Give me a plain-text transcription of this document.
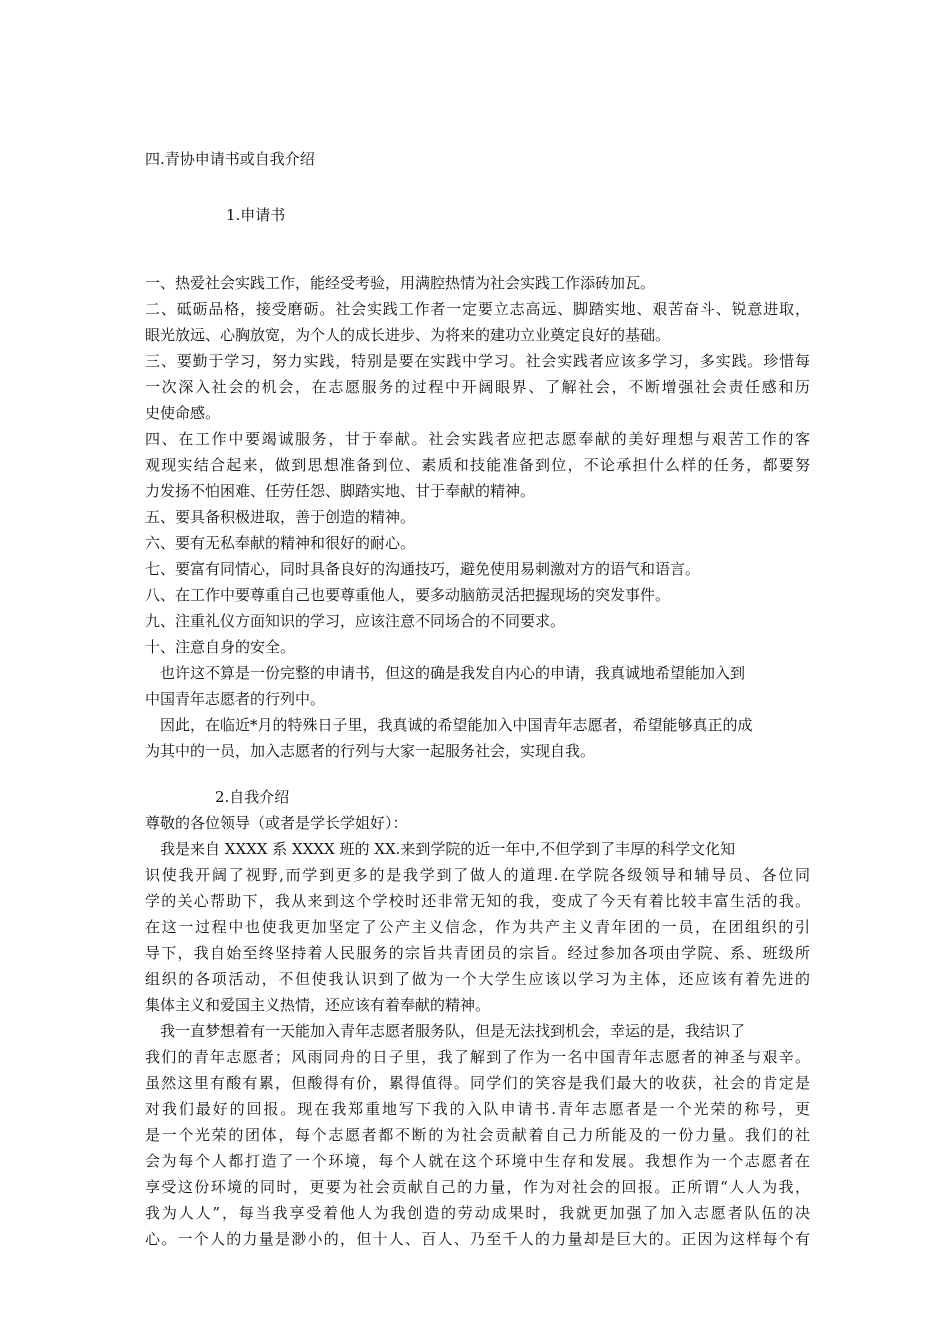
四.青协申请书或自我介绍
1.申请书
一、热爱社会实践工作，能经受考验，用满腔热情为社会实践工作添砖加瓦。
二、砥砺品格，接受磨砺。社会实践工作者一定要立志高远、脚踏实地、艰苦奋斗、锐意进取，
眼光放远、心胸放宽，为个人的成长进步、为将来的建功立业奠定良好的基础。
三、要勤于学习，努力实践，特别是要在实践中学习。社会实践者应该多学习，多实践。珍惜每
一次深入社会的机会，在志愿服务的过程中开阔眼界、了解社会，不断增强社会责任感和历
史使命感。
四、在工作中要竭诚服务，甘于奉献。社会实践者应把志愿奉献的美好理想与艰苦工作的客
观现实结合起来，做到思想准备到位、素质和技能准备到位，不论承担什么样的任务，都要努
力发扬不怕困难、任劳任怨、脚踏实地、甘于奉献的精神。
五、要具备积极进取，善于创造的精神。
六、要有无私奉献的精神和很好的耐心。
七、要富有同情心，同时具备良好的沟通技巧，避免使用易刺激对方的语气和语言。
八、在工作中要尊重自己也要尊重他人，要多动脑筋灵活把握现场的突发事件。
九、注重礼仪方面知识的学习，应该注意不同场合的不同要求。
十、注意自身的安全。
也许这不算是一份完整的申请书，但这的确是我发自内心的申请，我真诚地希望能加入到
中国青年志愿者的行列中。
因此，在临近*月的特殊日子里，我真诚的希望能加入中国青年志愿者，希望能够真正的成
为其中的一员，加入志愿者的行列与大家一起服务社会，实现自我。
2.自我介绍
尊敬的各位领导（或者是学长学姐好）：
我是来自 XXXX 系 XXXX 班的 XX.来到学院的近一年中,不但学到了丰厚的科学文化知
识使我开阔了视野,而学到更多的是我学到了做人的道理.在学院各级领导和辅导员、各位同
学的关心帮助下，我从来到这个学校时还非常无知的我，变成了今天有着比较丰富生活的我。
在这一过程中也使我更加坚定了公产主义信念，作为共产主义青年团的一员，在团组织的引
导下，我自始至终坚持着人民服务的宗旨共青团员的宗旨。经过参加各项由学院、系、班级所
组织的各项活动，不但使我认识到了做为一个大学生应该以学习为主体，还应该有着先进的
集体主义和爱国主义热情，还应该有着奉献的精神。
我一直梦想着有一天能加入青年志愿者服务队，但是无法找到机会，幸运的是，我结识了
我们的青年志愿者；风雨同舟的日子里，我了解到了作为一名中国青年志愿者的神圣与艰辛。
虽然这里有酸有累，但酸得有价，累得值得。同学们的笑容是我们最大的收获，社会的肯定是
对我们最好的回报。现在我郑重地写下我的入队申请书.青年志愿者是一个光荣的称号，更
是一个光荣的团体，每个志愿者都不断的为社会贡献着自己力所能及的一份力量。我们的社
会为每个人都打造了一个环境，每个人就在这个环境中生存和发展。我想作为一个志愿者在
享受这份环境的同时，更要为社会贡献自己的力量，作为对社会的回报。正所谓“人人为我，
我为人人”，每当我享受着他人为我创造的劳动成果时，我就更加强了加入志愿者队伍的决
心。一个人的力量是渺小的，但十人、百人、乃至千人的力量却是巨大的。正因为这样每个有
